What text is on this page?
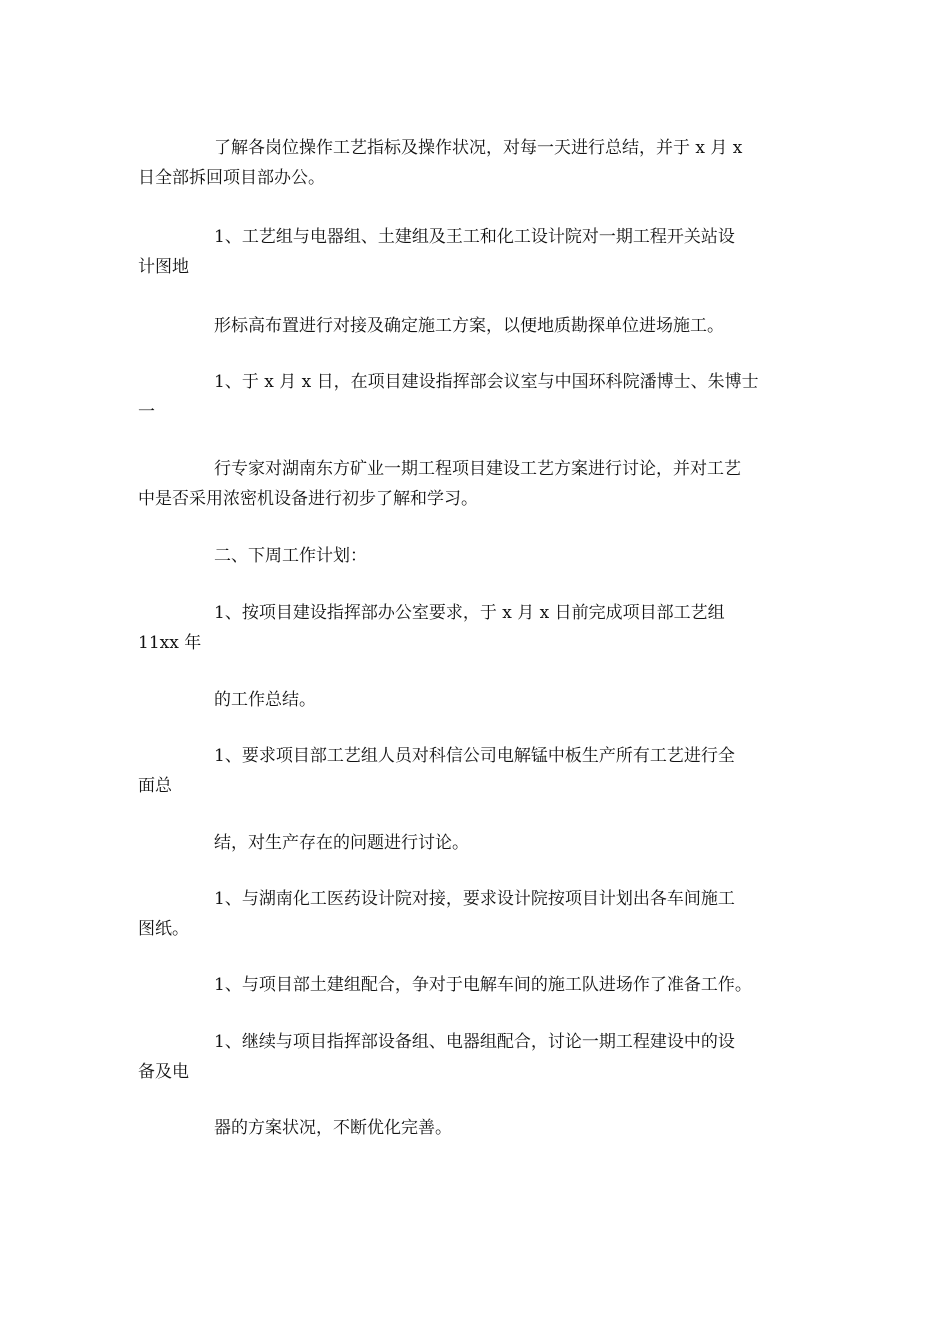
了解各岗位操作工艺指标及操作状况，对每一天进行总结，并于 x 月 x
日全部拆回项目部办公。
1、工艺组与电器组、土建组及王工和化工设计院对一期工程开关站设
计图地
形标高布置进行对接及确定施工方案，以便地质勘探单位进场施工。
1、于 x 月 x 日，在项目建设指挥部会议室与中国环科院潘博士、朱博士
一
行专家对湖南东方矿业一期工程项目建设工艺方案进行讨论，并对工艺
中是否采用浓密机设备进行初步了解和学习。
二、下周工作计划：
1、按项目建设指挥部办公室要求，于 x 月 x 日前完成项目部工艺组
11xx 年
的工作总结。
1、要求项目部工艺组人员对科信公司电解锰中板生产所有工艺进行全
面总
结，对生产存在的问题进行讨论。
1、与湖南化工医药设计院对接，要求设计院按项目计划出各车间施工
图纸。
1、与项目部土建组配合，争对于电解车间的施工队进场作了准备工作。
1、继续与项目指挥部设备组、电器组配合，讨论一期工程建设中的设
备及电
器的方案状况，不断优化完善。
